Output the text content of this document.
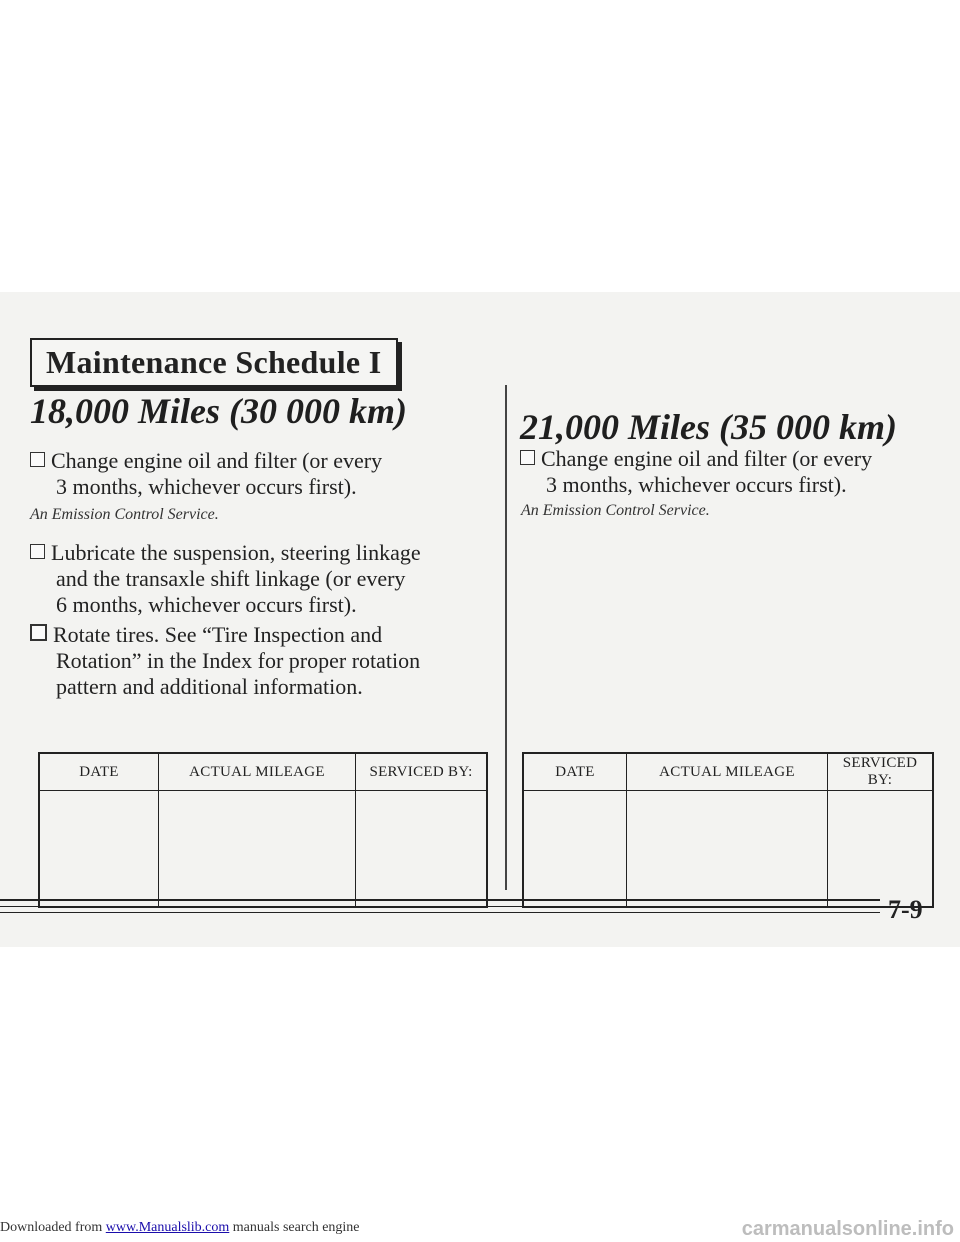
Maintenance Schedule I
18,000 Miles (30 000 km)
Change engine oil and filter (or every
3 months, whichever occurs first).
An Emission Control Service.
Lubricate the suspension, steering linkage
and the transaxle shift linkage (or every
6 months, whichever occurs first).
Rotate tires. See “Tire Inspection and
Rotation” in the Index for proper rotation
pattern and additional information.
DATE	ACTUAL MILEAGE	SERVICED BY:

21,000 Miles (35 000 km)
Change engine oil and filter (or every
3 months, whichever occurs first).
An Emission Control Service.
DATE	ACTUAL MILEAGE	SERVICED BY:

7-9
Downloaded from www.Manualslib.com manuals search engine	carmanualsonline.info
